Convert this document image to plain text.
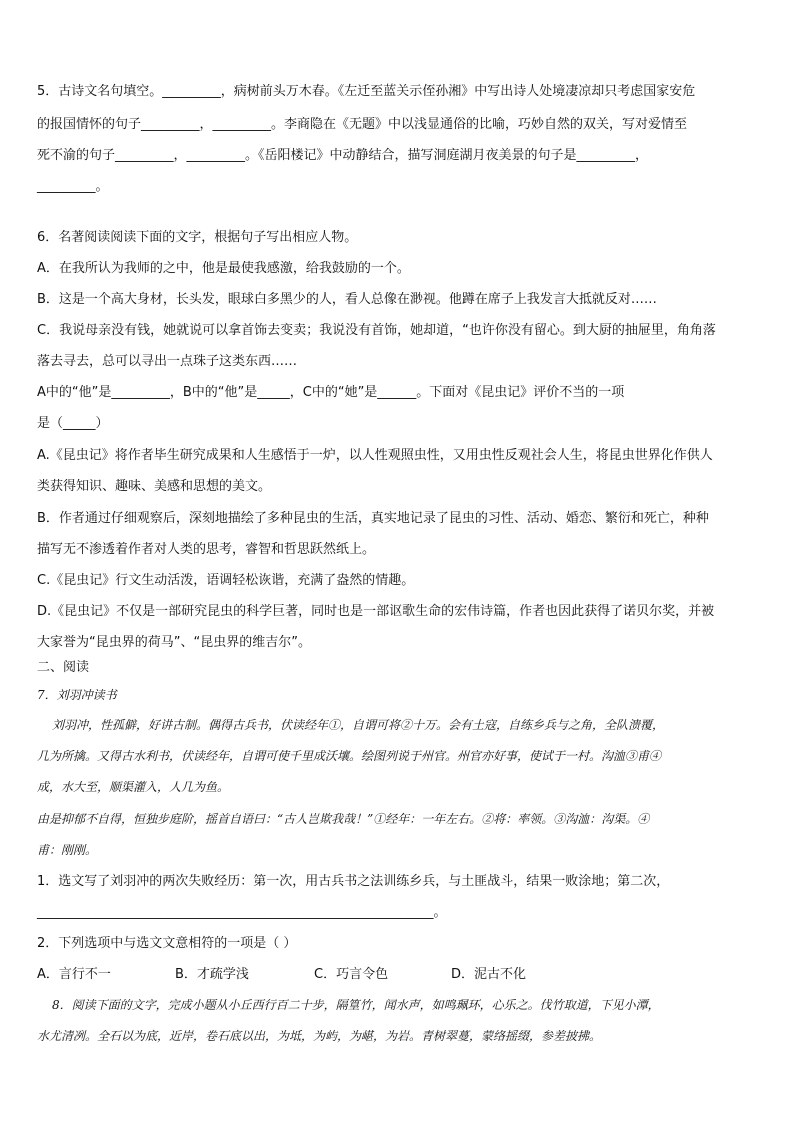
5．古诗文名句填空。_________，病树前头万木春。《左迁至蓝关示侄孙湘》中写出诗人处境凄凉却只考虑国家安危
的报国情怀的句子_________，_________。李商隐在《无题》中以浅显通俗的比喻，巧妙自然的双关，写对爱情至
死不渝的句子_________，_________。《岳阳楼记》中动静结合，描写洞庭湖月夜美景的句子是_________，
_________。
6．名著阅读阅读下面的文字，根据句子写出相应人物。
A．在我所认为我师的之中，他是最使我感激，给我鼓励的一个。
B．这是一个高大身材，长头发，眼球白多黑少的人，看人总像在渺视。他蹲在席子上我发言大抵就反对……
C．我说母亲没有钱，她就说可以拿首饰去变卖；我说没有首饰，她却道，“也许你没有留心。到大厨的抽屉里，角角落
落去寻去，总可以寻出一点珠子这类东西……
A中的“他”是_________，B中的“他”是_____，C中的“她”是______。下面对《昆虫记》评价不当的一项
是（_____）
A.《昆虫记》将作者毕生研究成果和人生感悟于一炉，以人性观照虫性，又用虫性反观社会人生，将昆虫世界化作供人
类获得知识、趣味、美感和思想的美文。
B．作者通过仔细观察后，深刻地描绘了多种昆虫的生活，真实地记录了昆虫的习性、活动、婚恋、繁衍和死亡，种种
描写无不渗透着作者对人类的思考，睿智和哲思跃然纸上。
C.《昆虫记》行文生动活泼，语调轻松诙谐，充满了盎然的情趣。
D.《昆虫记》不仅是一部研究昆虫的科学巨著，同时也是一部讴歌生命的宏伟诗篇，作者也因此获得了诺贝尔奖，并被
大家誉为“昆虫界的荷马”、“昆虫界的维吉尔”。
二、阅读
7．刘羽冲读书
刘羽冲，性孤僻，好讲古制。偶得古兵书，伏读经年①，自谓可将②十万。会有土寇，自练乡兵与之角，全队溃覆，
几为所擒。又得古水利书，伏读经年，自谓可使千里成沃壤。绘图列说于州官。州官亦好事，使试于一村。沟洫③甫④
成，水大至，顺渠灌入，人几为鱼。
由是抑郁不自得，恒独步庭阶，摇首自语曰：“古人岂欺我哉！”①经年：一年左右。②将：率领。③沟洫：沟渠。④
甫：刚刚。
1．选文写了刘羽冲的两次失败经历：第一次，用古兵书之法训练乡兵，与土匪战斗，结果一败涂地；第二次，
_____________________________________________________________。
2．下列选项中与选文文意相符的一项是（ ）
A．言行不一	B．才疏学浅	C．巧言令色	D．泥古不化
8．阅读下面的文字，完成小题从小丘西行百二十步，隔篁竹，闻水声，如鸣珮环，心乐之。伐竹取道，下见小潭，
水尤清冽。全石以为底，近岸，卷石底以出，为坻，为屿，为嵁，为岩。青树翠蔓，蒙络摇缀，参差披拂。
